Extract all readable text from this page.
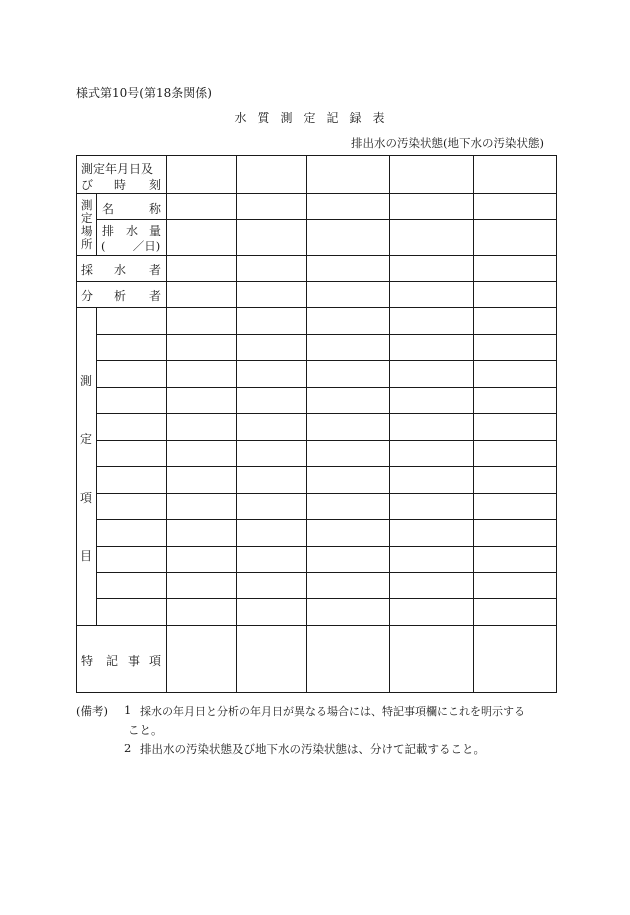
様式第10号(第18条関係)
水質測定記録表
排出水の汚染状態(地下水の汚染状態)
測定年月日及
び 時 刻
測
定
場
所
名	称
排 水 量
(  ／日)
採 水 者
分 析 者
測
定
項
目
特 記 事 項
(備考) 1 採水の年月日と分析の年月日が異なる場合には、特記事項欄にこれを明示する
こと。
2 排出水の汚染状態及び地下水の汚染状態は、分けて記載すること。
